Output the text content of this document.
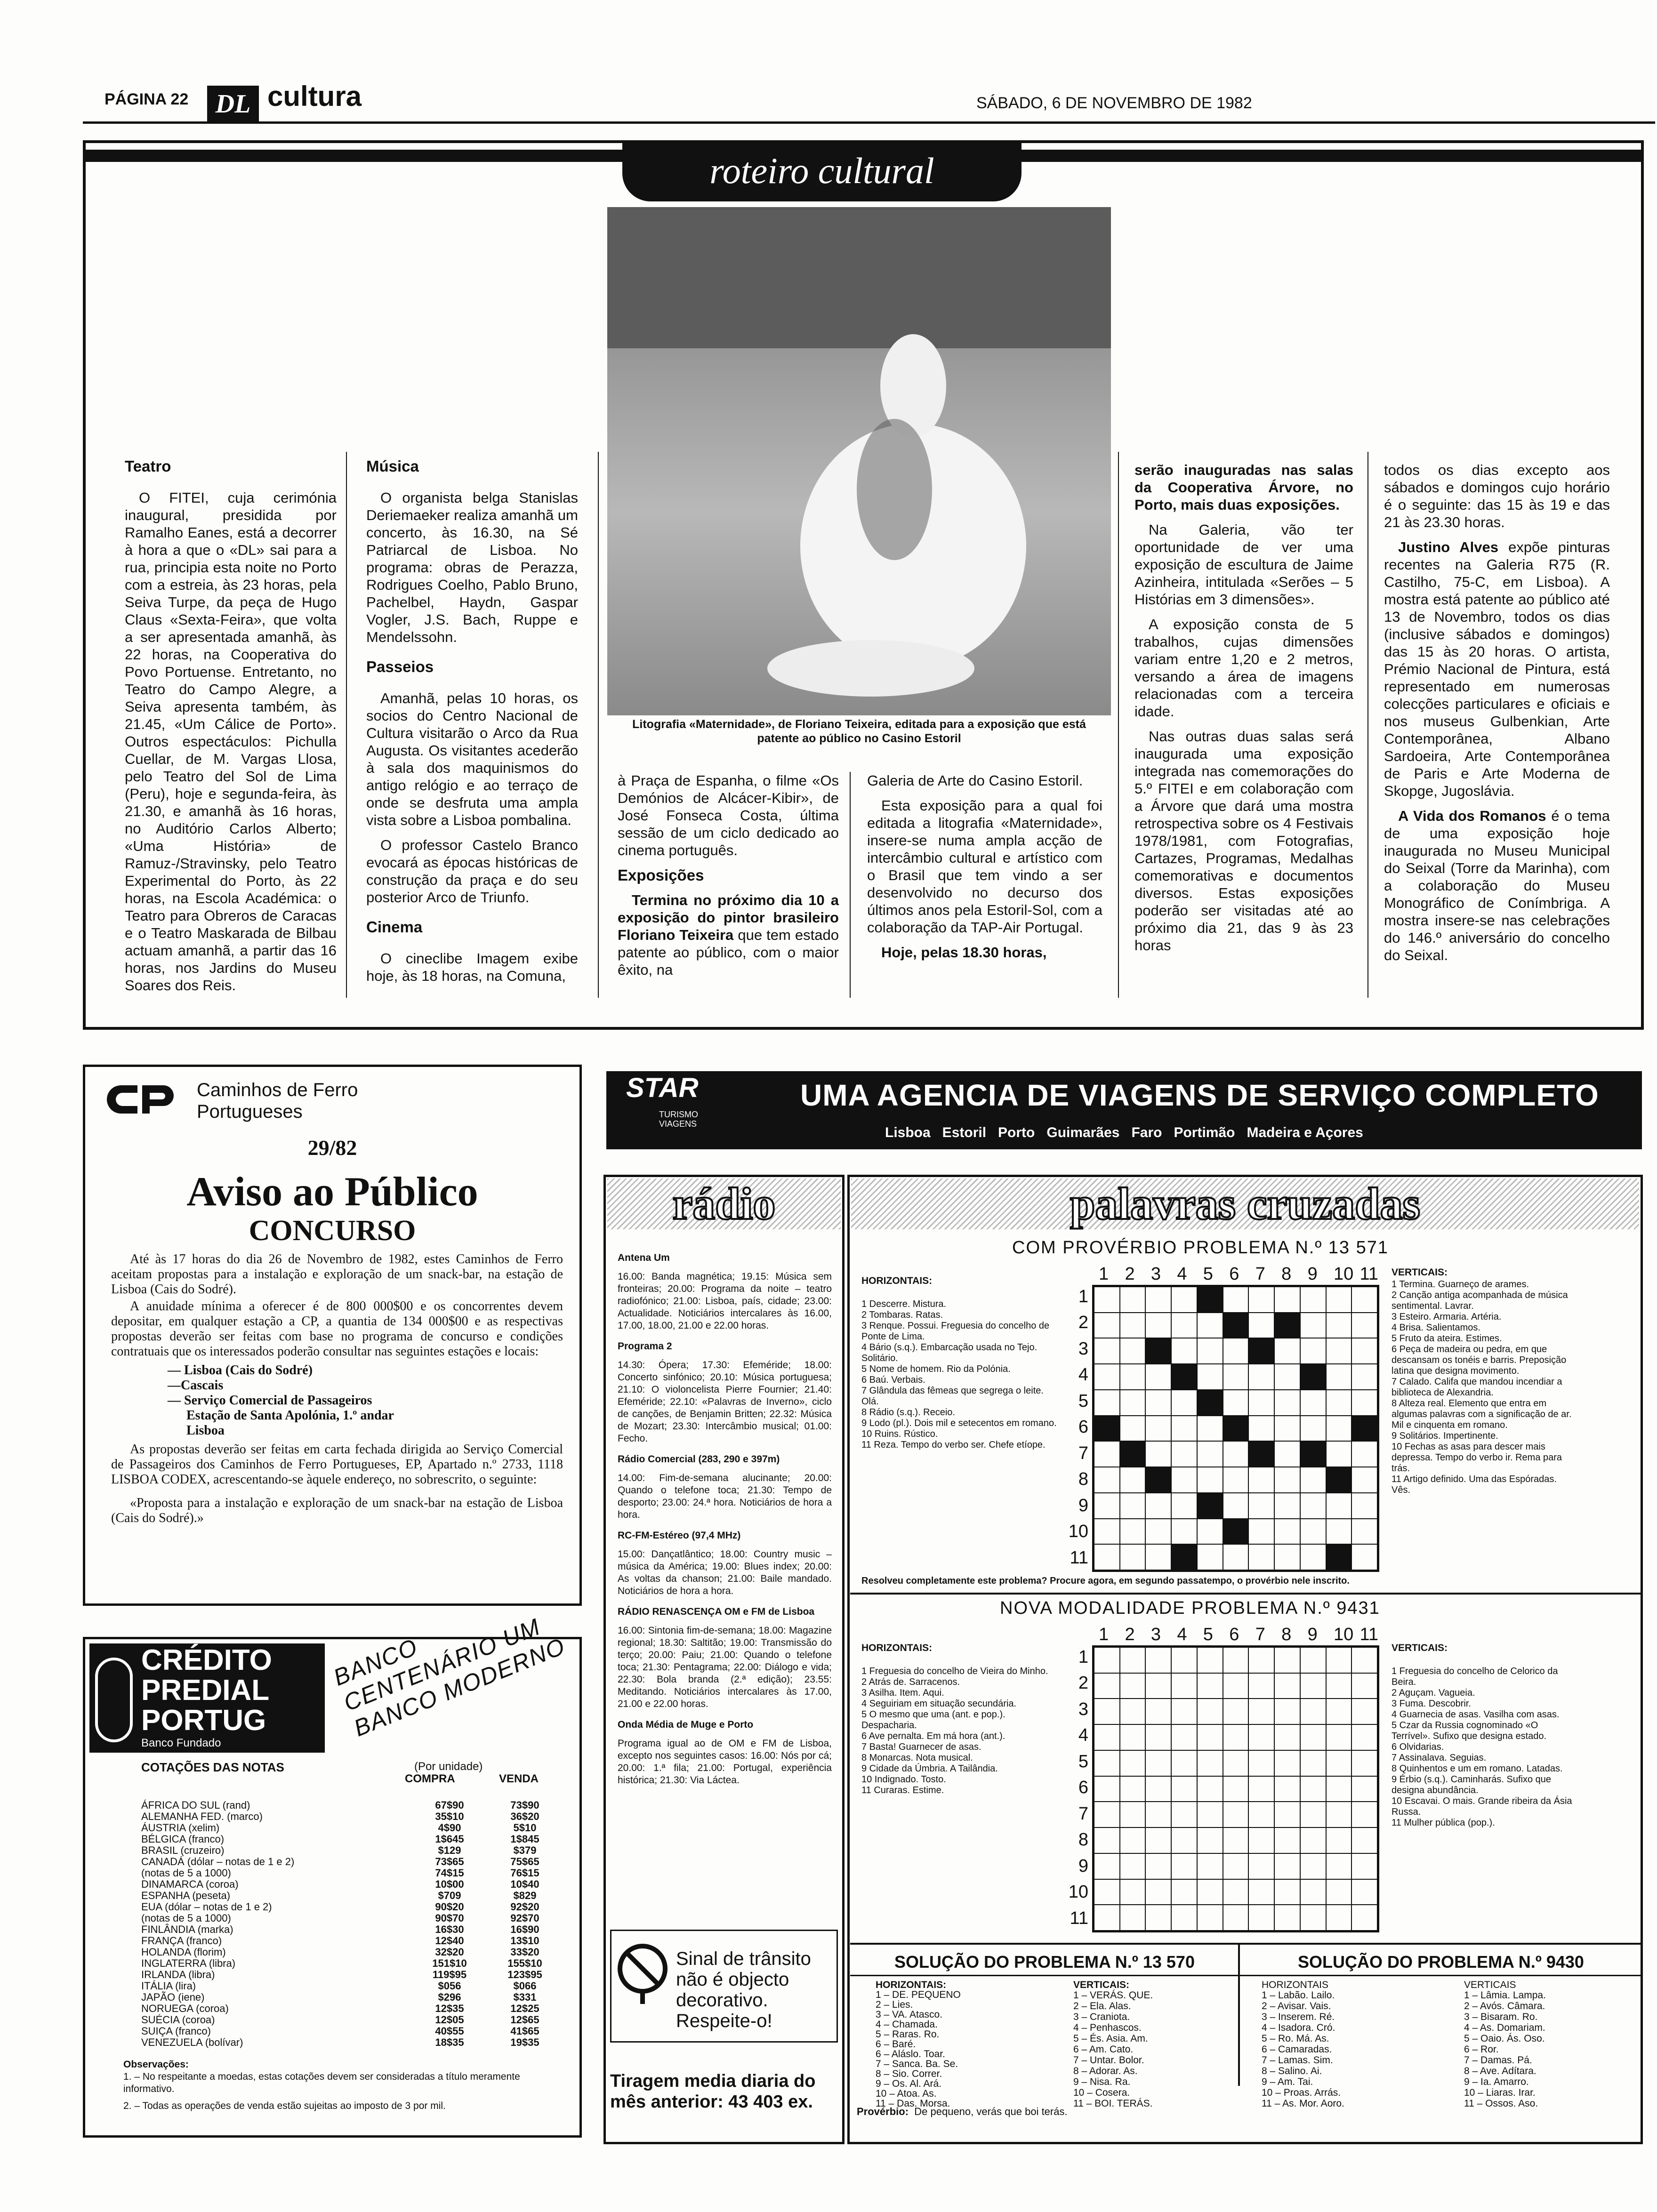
PÁGINA 22	DL cultura	SÁBADO, 6 DE NOVEMBRO DE 1982
roteiro cultural
Litografia «Maternidade», de Floriano Teixeira, editada para a exposição que está patente ao público no Casino Estoril
Teatro

O FITEI, cuja cerimónia inaugural, presidida por Ramalho Eanes, está a decorrer à hora a que o «DL» sai para a rua, principia esta noite no Porto com a estreia, às 23 horas, pela Seiva Turpe, da peça de Hugo Claus «Sexta-Feira», que volta a ser apresentada amanhã, às 22 horas, na Cooperativa do Povo Portuense. Entretanto, no Teatro do Campo Alegre, a Seiva apresenta também, às 21.45, «Um Cálice de Porto». Outros espectáculos: Pichulla Cuellar, de M. Vargas Llosa, pelo Teatro del Sol de Lima (Peru), hoje e segunda-feira, às 21.30, e amanhã às 16 horas, no Auditório Carlos Alberto; «Uma História» de Ramuz-/Stravinsky, pelo Teatro Experimental do Porto, às 22 horas, na Escola Académica: o Teatro para Obreros de Caracas e o Teatro Maskarada de Bilbau actuam amanhã, a partir das 16 horas, nos Jardins do Museu Soares dos Reis.

Música

O organista belga Stanislas Deriemaeker realiza amanhã um concerto, às 16.30, na Sé Patriarcal de Lisboa. No programa: obras de Perazza, Rodrigues Coelho, Pablo Bruno, Pachelbel, Haydn, Gaspar Vogler, J.S. Bach, Ruppe e Mendelssohn.

Passeios

Amanhã, pelas 10 horas, os socios do Centro Nacional de Cultura visitarão o Arco da Rua Augusta. Os visitantes acederão à sala dos maquinismos do antigo relógio e ao terraço de onde se desfruta uma ampla vista sobre a Lisboa pombalina.

O professor Castelo Branco evocará as épocas históricas de construção da praça e do seu posterior Arco de Triunfo.

Cinema

O cineclibe Imagem exibe hoje, às 18 horas, na Comuna,

à Praça de Espanha, o filme «Os Demónios de Alcácer-Kibir», de José Fonseca Costa, última sessão de um ciclo dedicado ao cinema português.

Exposições

Termina no próximo dia 10 a exposição do pintor brasileiro Floriano Teixeira que tem estado patente ao público, com o maior êxito, na

Galeria de Arte do Casino Estoril.

Esta exposição para a qual foi editada a litografia «Maternidade», insere-se numa ampla acção de intercâmbio cultural e artístico com o Brasil que tem vindo a ser desenvolvido no decurso dos últimos anos pela Estoril-Sol, com a colaboração da TAP-Air Portugal.

Hoje, pelas 18.30 horas,

serão inauguradas nas salas da Cooperativa Árvore, no Porto, mais duas exposições.

Na Galeria, vão ter oportunidade de ver uma exposição de escultura de Jaime Azinheira, intitulada «Serões – 5 Histórias em 3 dimensões».

A exposição consta de 5 trabalhos, cujas dimensões variam entre 1,20 e 2 metros, versando a área de imagens relacionadas com a terceira idade.

Nas outras duas salas será inaugurada uma exposição integrada nas comemorações do 5.º FITEI e em colaboração com a Árvore que dará uma mostra retrospectiva sobre os 4 Festivais 1978/1981, com Fotografias, Cartazes, Programas, Medalhas comemorativas e documentos diversos. Estas exposições poderão ser visitadas até ao próximo dia 21, das 9 às 23 horas

todos os dias excepto aos sábados e domingos cujo horário é o seguinte: das 15 às 19 e das 21 às 23.30 horas.

Justino Alves expõe pinturas recentes na Galeria R75 (R. Castilho, 75-C, em Lisboa). A mostra está patente ao público até 13 de Novembro, todos os dias (inclusive sábados e domingos) das 15 às 20 horas. O artista, Prémio Nacional de Pintura, está representado em numerosas colecções particulares e oficiais e nos museus Gulbenkian, Arte Contemporânea, Albano Sardoeira, Arte Contemporânea de Paris e Arte Moderna de Skopge, Jugoslávia.

A Vida dos Romanos é o tema de uma exposição hoje inaugurada no Museu Municipal do Seixal (Torre da Marinha), com a colaboração do Museu Monográfico de Conímbriga. A mostra insere-se nas celebrações do 146.º aniversário do concelho do Seixal.

Caminhos de Ferro
Portugueses
29/82
Aviso ao Público
CONCURSO

Até às 17 horas do dia 26 de Novembro de 1982, estes Caminhos de Ferro aceitam propostas para a instalação e exploração de um snack-bar, na estação de Lisboa (Cais do Sodré).

A anuidade mínima a oferecer é de 800 000$00 e os concorrentes devem depositar, em qualquer estação a CP, a quantia de 134 000$00 e as respectivas propostas deverão ser feitas com base no programa de concurso e condições contratuais que os interessados poderão consultar nas seguintes estações e locais:

— Lisboa (Cais do Sodré)
—Cascais
— Serviço Comercial de Passageiros
Estação de Santa Apolónia, 1.º andar
Lisboa

As propostas deverão ser feitas em carta fechada dirigida ao Serviço Comercial de Passageiros dos Caminhos de Ferro Portugueses, EP, Apartado n.º 2733, 1118 LISBOA CODEX, acrescentando-se àquele endereço, no sobrescrito, o seguinte:

«Proposta para a instalação e exploração de um snack-bar na estação de Lisboa (Cais do Sodré).»

CRÉDITO
PREDIAL
PORTUG
Banco Fundado
BANCO CENTENÁRIO UM BANCO MODERNO
COTAÇÕES DAS NOTAS	(Por unidade)
COMPRA	VENDA
ÁFRICA DO SUL (rand)	67$90	73$90
ALEMANHA FED. (marco)	35$10	36$20
ÁUSTRIA (xelim)	4$90	5$10
BÉLGICA (franco)	1$645	1$845
BRASIL (cruzeiro)	$129	$379
CANADÁ (dólar – notas de 1 e 2)	73$65	75$65
(notas de 5 a 1000)	74$15	76$15
DINAMARCA (coroa)	10$00	10$40
ESPANHA (peseta)	$709	$829
EUA (dólar – notas de 1 e 2)	90$20	92$20
(notas de 5 a 1000)	90$70	92$70
FINLÂNDIA (marka)	16$30	16$90
FRANÇA (franco)	12$40	13$10
HOLANDA (florim)	32$20	33$20
INGLATERRA (libra)	151$10	155$10
IRLANDA (libra)	119$95	123$95
ITÁLIA (lira)	$056	$066
JAPÃO (iene)	$296	$331
NORUEGA (coroa)	12$35	12$25
SUÉCIA (coroa)	12$05	12$65
SUIÇA (franco)	40$55	41$65
VENEZUELA (bolívar)	18$35	19$35
Observações:
1. – No respeitante a moedas, estas cotações devem ser consideradas a título meramente informativo.
2. – Todas as operações de venda estão sujeitas ao imposto de 3 por mil.
STAR
TURISMO VIAGENS
UMA AGENCIA DE VIAGENS DE SERVIÇO COMPLETO
Lisboa   Estoril   Porto   Guimarães   Faro   Portimão   Madeira e Açores
rádio
Antena Um
16.00: Banda magnética; 19.15: Música sem fronteiras; 20.00: Programa da noite – teatro radiofónico; 21.00: Lisboa, país, cidade; 23.00: Actualidade. Noticiários intercalares às 16.00, 17.00, 18.00, 21.00 e 22.00 horas.
Programa 2
14.30: Ópera; 17.30: Efeméride; 18.00: Concerto sinfónico; 20.10: Música portuguesa; 21.10: O violoncelista Pierre Fournier; 21.40: Efeméride; 22.10: «Palavras de Inverno», ciclo de canções, de Benjamin Britten; 22.32: Música de Mozart; 23.30: Intercâmbio musical; 01.00: Fecho.
Rádio Comercial (283, 290 e 397m)
14.00: Fim-de-semana alucinante; 20.00: Quando o telefone toca; 21.30: Tempo de desporto; 23.00: 24.ª hora. Noticiários de hora a hora.
RC-FM-Estéreo (97,4 MHz)
15.00: Dançatlântico; 18.00: Country music – música da América; 19.00: Blues index; 20.00: As voltas da chanson; 21.00: Baile mandado. Noticiários de hora a hora.
RÁDIO RENASCENÇA OM e FM de Lisboa
16.00: Sintonia fim-de-semana; 18.00: Magazine regional; 18.30: Saltitão; 19.00: Transmissão do terço; 20.00: Paiu; 21.00: Quando o telefone toca; 21.30: Pentagrama; 22.00: Diálogo e vida; 22.30: Bola branda (2.ª edição); 23.55: Meditando. Noticiários intercalares às 17.00, 21.00 e 22.00 horas.
Onda Média de Muge e Porto
Programa igual ao de OM e FM de Lisboa, excepto nos seguintes casos: 16.00: Nós por cá; 20.00: 1.ª fila; 21.00: Portugal, experiência histórica; 21.30: Via Láctea.
Sinal de trânsito
não é objecto
decorativo.
Respeite-o!
Tiragem media diaria do mês anterior: 43 403 ex.
palavras cruzadas
COM PROVÉRBIO PROBLEMA N.º 13 571
HORIZONTAIS:
1 Descerre. Mistura.
2 Tombaras. Ratas.
3 Renque. Possui. Freguesia do concelho de Ponte de Lima.
4 Bário (s.q.). Embarcação usada no Tejo. Solitário.
5 Nome de homem. Rio da Polónia.
6 Baú. Verbais.
7 Glândula das fêmeas que segrega o leite. Olá.
8 Rádio (s.q.). Receio.
9 Lodo (pl.). Dois mil e setecentos em romano.
10 Ruins. Rústico.
11 Reza. Tempo do verbo ser. Chefe etíope.
1 2 3 4 5 6 7 8 9 10 11
1
2
3
4
5
6
7
8
9
10
11
VERTICAIS:
1 Termina. Guarneço de arames.
2 Canção antiga acompanhada de música sentimental. Lavrar.
3 Esteiro. Armaria. Artéria.
4 Brisa. Salientamos.
5 Fruto da ateira. Estimes.
6 Peça de madeira ou pedra, em que descansam os tonéis e barris. Preposição latina que designa movimento.
7 Calado. Califa que mandou incendiar a biblioteca de Alexandria.
8 Alteza real. Elemento que entra em algumas palavras com a significação de ar. Mil e cinquenta em romano.
9 Solitários. Impertinente.
10 Fechas as asas para descer mais depressa. Tempo do verbo ir. Rema para trás.
11 Artigo definido. Uma das Espóradas. Vês.
Resolveu completamente este problema? Procure agora, em segundo passatempo, o provérbio nele inscrito.
NOVA MODALIDADE PROBLEMA N.º 9431
HORIZONTAIS:
1 Freguesia do concelho de Vieira do Minho.
2 Atrás de. Sarracenos.
3 Asilha. Item. Aqui.
4 Seguiriam em situação secundária.
5 O mesmo que uma (ant. e pop.). Despacharia.
6 Ave pernalta. Em má hora (ant.).
7 Basta! Guarnecer de asas.
8 Monarcas. Nota musical.
9 Cidade da Úmbria. A Tailândia.
10 Indignado. Tosto.
11 Curaras. Estime.
1 2 3 4 5 6 7 8 9 10 11
1
2
3
4
5
6
7
8
9
10
11
VERTICAIS:
1 Freguesia do concelho de Celorico da Beira.
2 Aguçam. Vagueia.
3 Fuma. Descobrir.
4 Guarnecia de asas. Vasilha com asas.
5 Czar da Russia cognominado «O Terrível». Sufixo que designa estado.
6 Olvidarias.
7 Assinalava. Seguias.
8 Quinhentos e um em romano. Latadas.
9 Érbio (s.q.). Caminharás. Sufixo que designa abundância.
10 Escavai. O mais. Grande ribeira da Ásia Russa.
11 Mulher pública (pop.).
SOLUÇÃO DO PROBLEMA N.º 13 570
HORIZONTAIS:
1 – DE. PEQUENO
2 – Lies.
3 – VA. Atasco.
4 – Chamada.
5 – Raras. Ro.
6 – Baré.
6 – Aláslo. Toar.
7 – Sanca. Ba. Se.
8 – Sio. Correr.
9 – Os. Al. Ará.
10 – Atoa. As.
11 – Das. Morsa.
VERTICAIS:
1 – VERÁS. QUE.
2 – Ela. Alas.
3 – Craniota.
4 – Penhascos.
5 – És. Asia. Am.
6 – Am. Cato.
7 – Untar. Bolor.
8 – Adorar. As.
9 – Nisa. Ra.
10 – Cosera.
11 – BOI. TERÁS.
SOLUÇÃO DO PROBLEMA N.º 9430
HORIZONTAIS
1 – Labão. Lailo.
2 – Avisar. Vais.
3 – Inserem. Ré.
4 – Isadora. Cró.
5 – Ro. Má. As.
6 – Camaradas.
7 – Lamas. Sim.
8 – Salino. Ai.
9 – Am. Tai.
10 – Proas. Arrás.
11 – As. Mor. Aoro.
VERTICAIS
1 – Lâmia. Lampa.
2 – Avós. Câmara.
3 – Bisaram. Ro.
4 – As. Domariam.
5 – Oaio. Ás. Oso.
6 – Ror.
7 – Damas. Pá.
8 – Ave. Adítara.
9 – Ia. Amarro.
10 – Liaras. Irar.
11 – Ossos. Aso.
Provérbio: De pequeno, verás que boi terás.
